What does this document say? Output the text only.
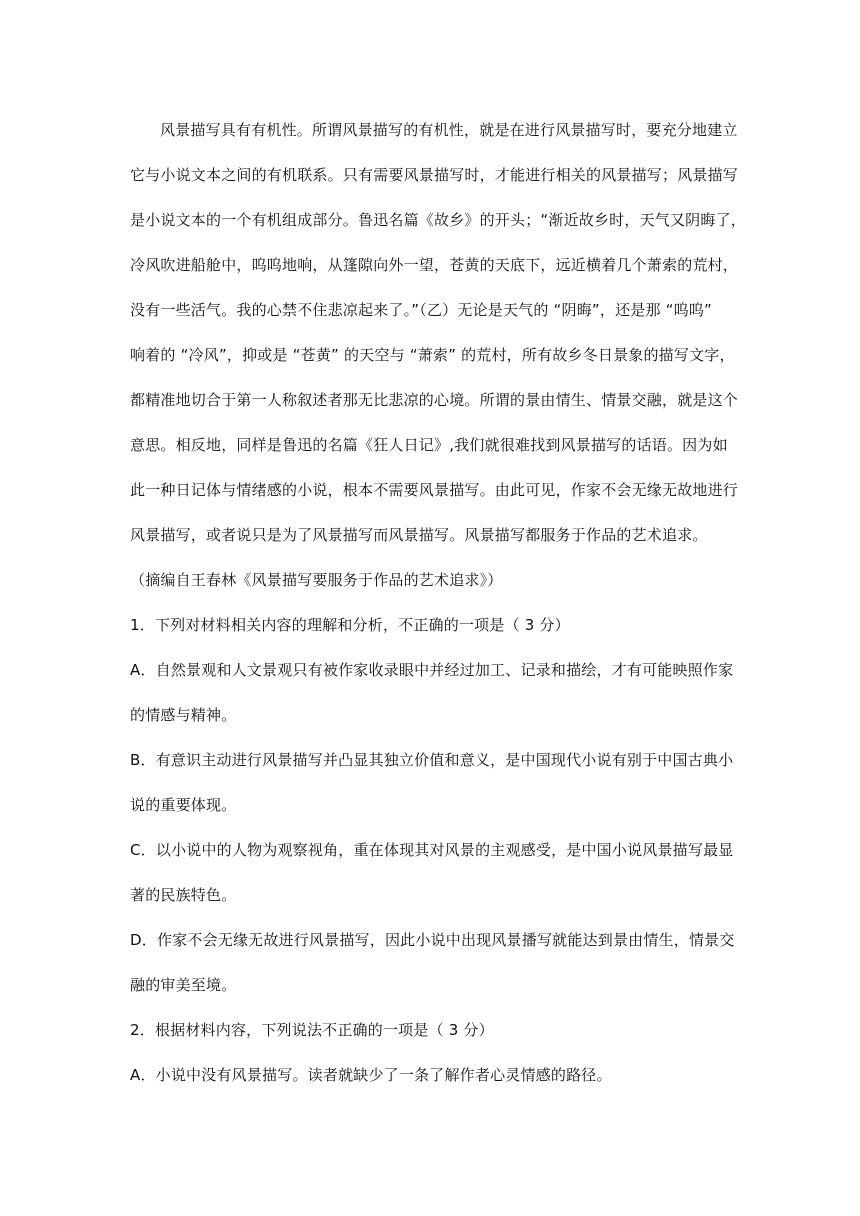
风景描写具有有机性。所谓风景描写的有机性，就是在进行风景描写时，要充分地建立
它与小说文本之间的有机联系。只有需要风景描写时，才能进行相关的风景描写；风景描写
是小说文本的一个有机组成部分。鲁迅名篇《故乡》的开头；“渐近故乡时，天气又阴晦了，
冷风吹进船舱中，呜呜地响，从篷隙向外一望，苍黄的天底下，远近横着几个萧索的荒村，
没有一些活气。我的心禁不住悲凉起来了。”（乙）无论是天气的 “阴晦”，还是那 “呜呜”
响着的 “冷风”，抑或是 “苍黄” 的天空与 “萧索” 的荒村，所有故乡冬日景象的描写文字，
都精准地切合于第一人称叙述者那无比悲凉的心境。所谓的景由情生、情景交融，就是这个
意思。相反地，同样是鲁迅的名篇《狂人日记》,我们就很难找到风景描写的话语。因为如
此一种日记体与情绪感的小说，根本不需要风景描写。由此可见，作家不会无缘无故地进行
风景描写，或者说只是为了风景描写而风景描写。风景描写都服务于作品的艺术追求。
（摘编自王春林《风景描写要服务于作品的艺术追求》）
1．下列对材料相关内容的理解和分析，不正确的一项是（ 3 分）
A．自然景观和人文景观只有被作家收录眼中并经过加工、记录和描绘，才有可能映照作家
的情感与精神。
B．有意识主动进行风景描写并凸显其独立价值和意义，是中国现代小说有别于中国古典小
说的重要体现。
C．以小说中的人物为观察视角，重在体现其对风景的主观感受，是中国小说风景描写最显
著的民族特色。
D．作家不会无缘无故进行风景描写，因此小说中出现风景播写就能达到景由情生，情景交
融的审美至境。
2．根据材料内容，下列说法不正确的一项是（ 3 分）
A．小说中没有风景描写。读者就缺少了一条了解作者心灵情感的路径。
